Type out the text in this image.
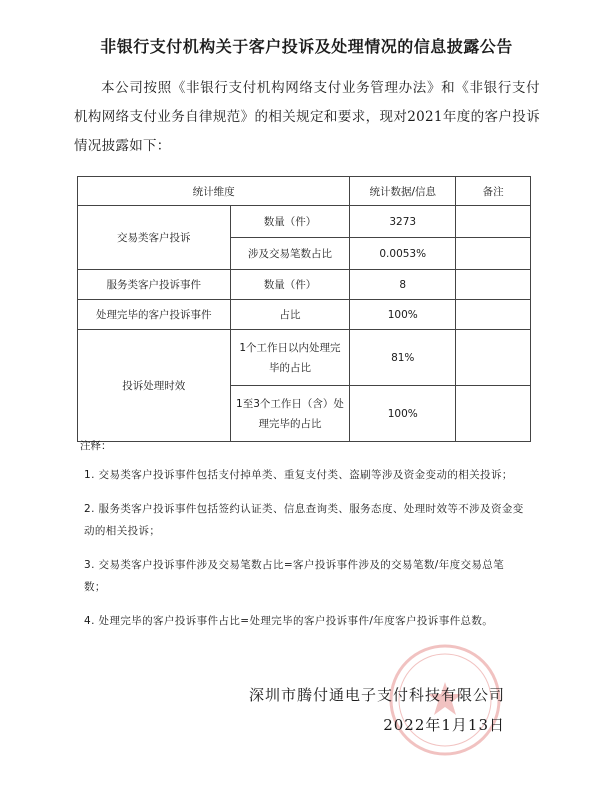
非银行支付机构关于客户投诉及处理情况的信息披露公告

本公司按照《非银行支付机构网络支付业务管理办法》和《非银行支付机构网络支付业务自律规范》的相关规定和要求，现对2021年度的客户投诉情况披露如下：

统计维度		统计数据/信息	备注
交易类客户投诉	数量（件）	3273	
	涉及交易笔数占比	0.0053%	
服务类客户投诉事件	数量（件）	8	
处理完毕的客户投诉事件	占比	100%	
投诉处理时效	1个工作日以内处理完毕的占比	81%	
	1至3个工作日（含）处理完毕的占比	100%	
注释：
1. 交易类客户投诉事件包括支付掉单类、重复支付类、盗刷等涉及资金变动的相关投诉；
2. 服务类客户投诉事件包括签约认证类、信息查询类、服务态度、处理时效等不涉及资金变动的相关投诉；
3. 交易类客户投诉事件涉及交易笔数占比=客户投诉事件涉及的交易笔数/年度交易总笔数；
4. 处理完毕的客户投诉事件占比=处理完毕的客户投诉事件/年度客户投诉事件总数。
深圳市腾付通电子支付科技有限公司
2022年1月13日
